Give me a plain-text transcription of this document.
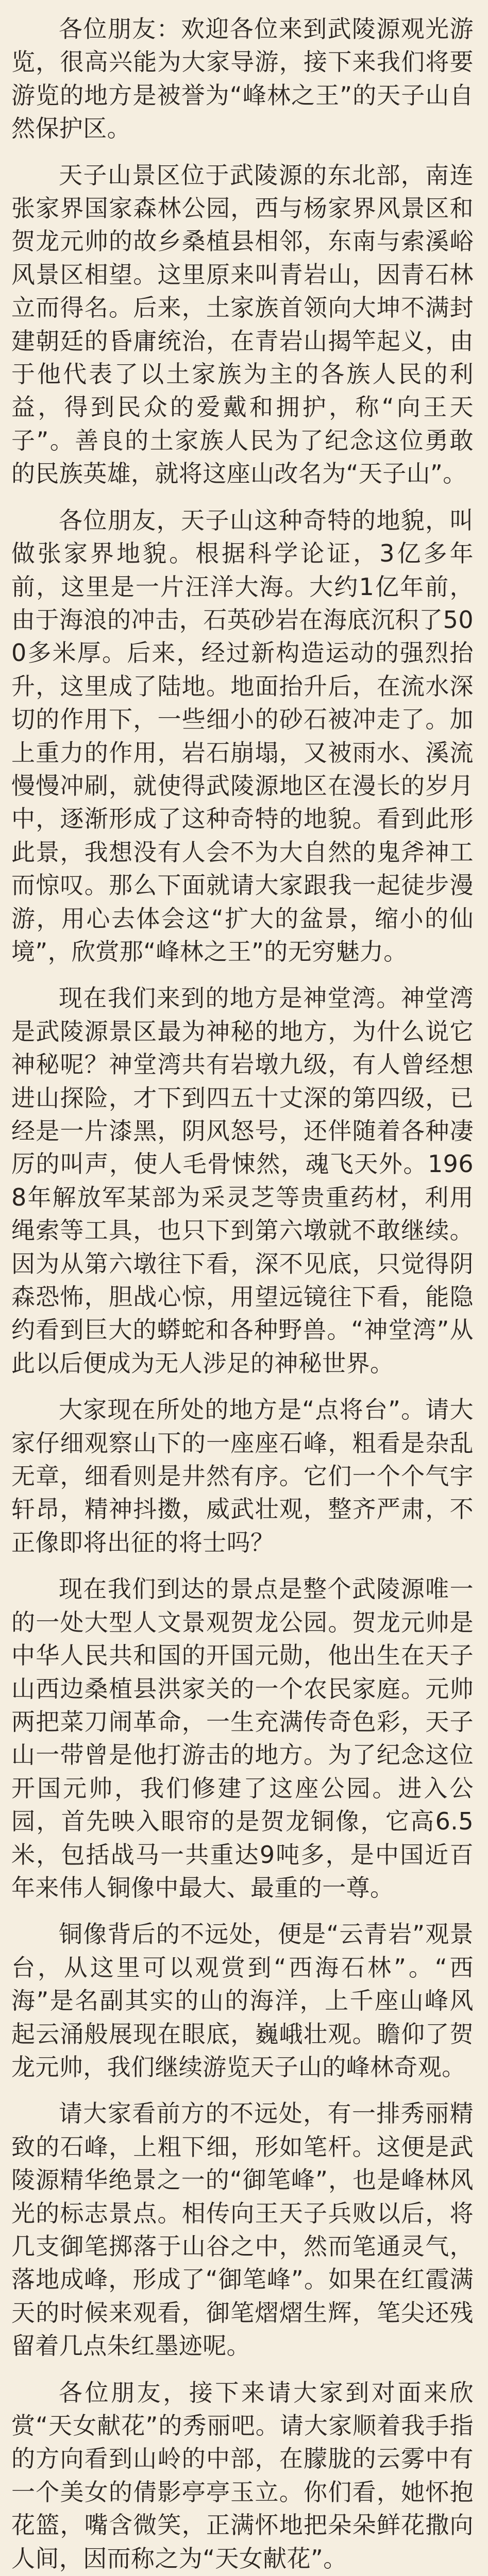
各位朋友：欢迎各位来到武陵源观光游览，很高兴能为大家导游，接下来我们将要游览的地方是被誉为“峰林之王”的天子山自然保护区。

天子山景区位于武陵源的东北部，南连张家界国家森林公园，西与杨家界风景区和贺龙元帅的故乡桑植县相邻，东南与索溪峪风景区相望。这里原来叫青岩山，因青石林立而得名。后来，土家族首领向大坤不满封建朝廷的昏庸统治，在青岩山揭竿起义，由于他代表了以土家族为主的各族人民的利益，得到民众的爱戴和拥护，称“向王天子”。善良的土家族人民为了纪念这位勇敢的民族英雄，就将这座山改名为“天子山”。

各位朋友，天子山这种奇特的地貌，叫做张家界地貌。根据科学论证，3亿多年前，这里是一片汪洋大海。大约1亿年前，由于海浪的冲击，石英砂岩在海底沉积了500多米厚。后来，经过新构造运动的强烈抬升，这里成了陆地。地面抬升后，在流水深切的作用下，一些细小的砂石被冲走了。加上重力的作用，岩石崩塌，又被雨水、溪流慢慢冲刷，就使得武陵源地区在漫长的岁月中，逐渐形成了这种奇特的地貌。看到此形此景，我想没有人会不为大自然的鬼斧神工而惊叹。那么下面就请大家跟我一起徒步漫游，用心去体会这“扩大的盆景，缩小的仙境”，欣赏那“峰林之王”的无穷魅力。

现在我们来到的地方是神堂湾。神堂湾是武陵源景区最为神秘的地方，为什么说它神秘呢？神堂湾共有岩墩九级，有人曾经想进山探险，才下到四五十丈深的第四级，已经是一片漆黑，阴风怒号，还伴随着各种凄厉的叫声，使人毛骨悚然，魂飞天外。1968年解放军某部为采灵芝等贵重药材，利用绳索等工具，也只下到第六墩就不敢继续。因为从第六墩往下看，深不见底，只觉得阴森恐怖，胆战心惊，用望远镜往下看，能隐约看到巨大的蟒蛇和各种野兽。“神堂湾”从此以后便成为无人涉足的神秘世界。

大家现在所处的地方是“点将台”。请大家仔细观察山下的一座座石峰，粗看是杂乱无章，细看则是井然有序。它们一个个气宇轩昂，精神抖擞，威武壮观，整齐严肃，不正像即将出征的将士吗？

现在我们到达的景点是整个武陵源唯一的一处大型人文景观贺龙公园。贺龙元帅是中华人民共和国的开国元勋，他出生在天子山西边桑植县洪家关的一个农民家庭。元帅两把菜刀闹革命，一生充满传奇色彩，天子山一带曾是他打游击的地方。为了纪念这位开国元帅，我们修建了这座公园。进入公园，首先映入眼帘的是贺龙铜像，它高6.5米，包括战马一共重达9吨多，是中国近百年来伟人铜像中最大、最重的一尊。

铜像背后的不远处，便是“云青岩”观景台，从这里可以观赏到“西海石林”。“西海”是名副其实的山的海洋，上千座山峰风起云涌般展现在眼底，巍峨壮观。瞻仰了贺龙元帅，我们继续游览天子山的峰林奇观。

请大家看前方的不远处，有一排秀丽精致的石峰，上粗下细，形如笔杆。这便是武陵源精华绝景之一的“御笔峰”，也是峰林风光的标志景点。相传向王天子兵败以后，将几支御笔掷落于山谷之中，然而笔通灵气，落地成峰，形成了“御笔峰”。如果在红霞满天的时候来观看，御笔熠熠生辉，笔尖还残留着几点朱红墨迹呢。

各位朋友，接下来请大家到对面来欣赏“天女献花”的秀丽吧。请大家顺着我手指的方向看到山岭的中部，在朦胧的云雾中有一个美女的倩影亭亭玉立。你们看，她怀抱花篮，嘴含微笑，正满怀地把朵朵鲜花撒向人间，因而称之为“天女献花”。
